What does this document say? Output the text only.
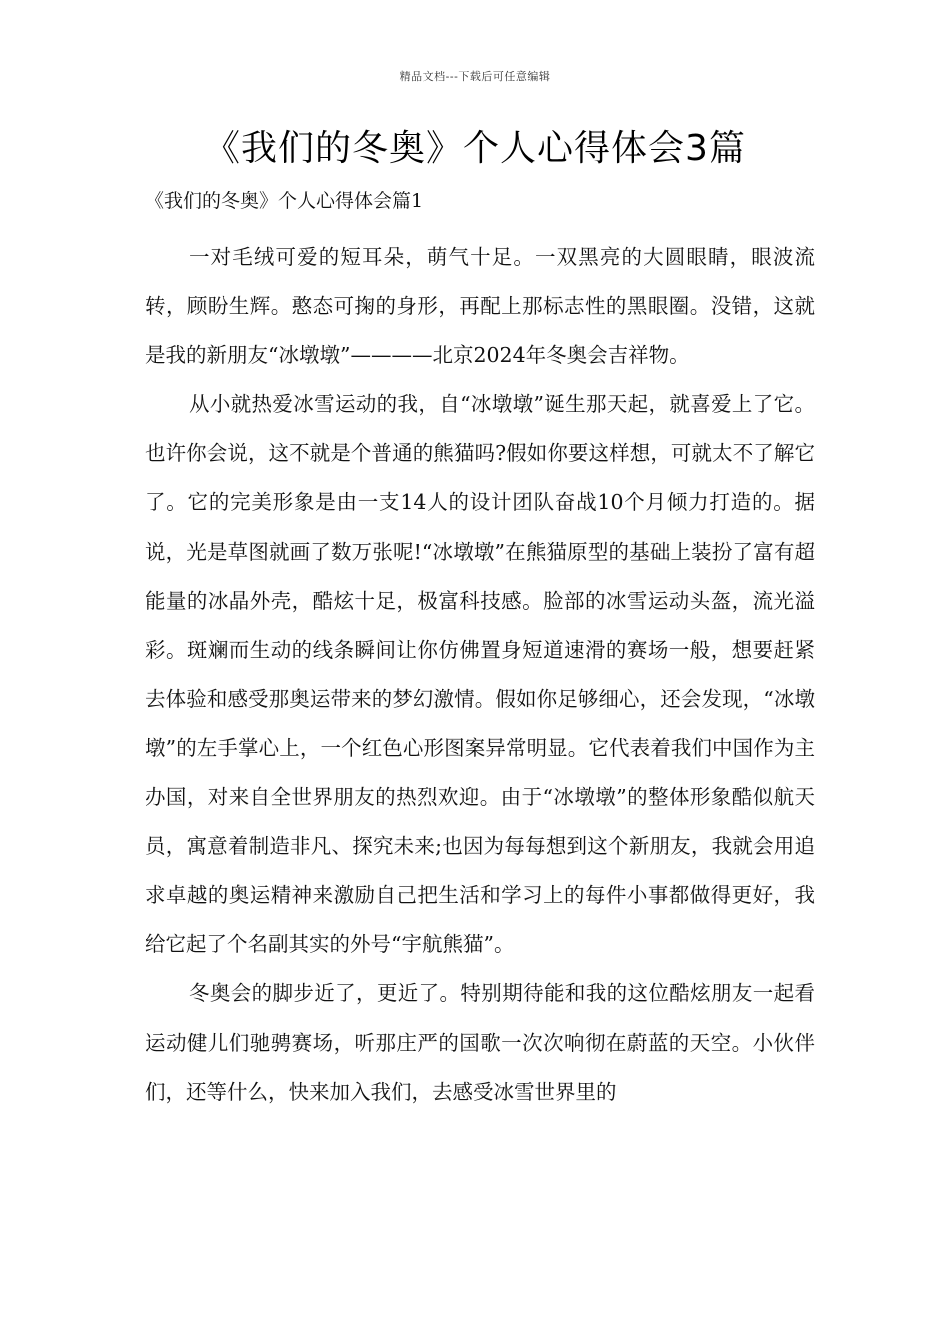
精品文档---下载后可任意编辑
《我们的冬奥》个人心得体会3篇
《我们的冬奥》个人心得体会篇1

一对毛绒可爱的短耳朵，萌气十足。一双黑亮的大圆眼睛，眼波流转，顾盼生辉。憨态可掬的身形，再配上那标志性的黑眼圈。没错，这就是我的新朋友“冰墩墩”————北京2024年冬奥会吉祥物。

从小就热爱冰雪运动的我，自“冰墩墩”诞生那天起，就喜爱上了它。也许你会说，这不就是个普通的熊猫吗?假如你要这样想，可就太不了解它了。它的完美形象是由一支14人的设计团队奋战10个月倾力打造的。据说，光是草图就画了数万张呢!“冰墩墩”在熊猫原型的基础上装扮了富有超能量的冰晶外壳，酷炫十足，极富科技感。脸部的冰雪运动头盔，流光溢彩。斑斓而生动的线条瞬间让你仿佛置身短道速滑的赛场一般，想要赶紧去体验和感受那奥运带来的梦幻激情。假如你足够细心，还会发现，“冰墩墩”的左手掌心上，一个红色心形图案异常明显。它代表着我们中国作为主办国，对来自全世界朋友的热烈欢迎。由于“冰墩墩”的整体形象酷似航天员，寓意着制造非凡、探究未来;也因为每每想到这个新朋友，我就会用追求卓越的奥运精神来激励自己把生活和学习上的每件小事都做得更好，我给它起了个名副其实的外号“宇航熊猫”。

冬奥会的脚步近了，更近了。特别期待能和我的这位酷炫朋友一起看运动健儿们驰骋赛场，听那庄严的国歌一次次响彻在蔚蓝的天空。小伙伴们，还等什么，快来加入我们，去感受冰雪世界里的
